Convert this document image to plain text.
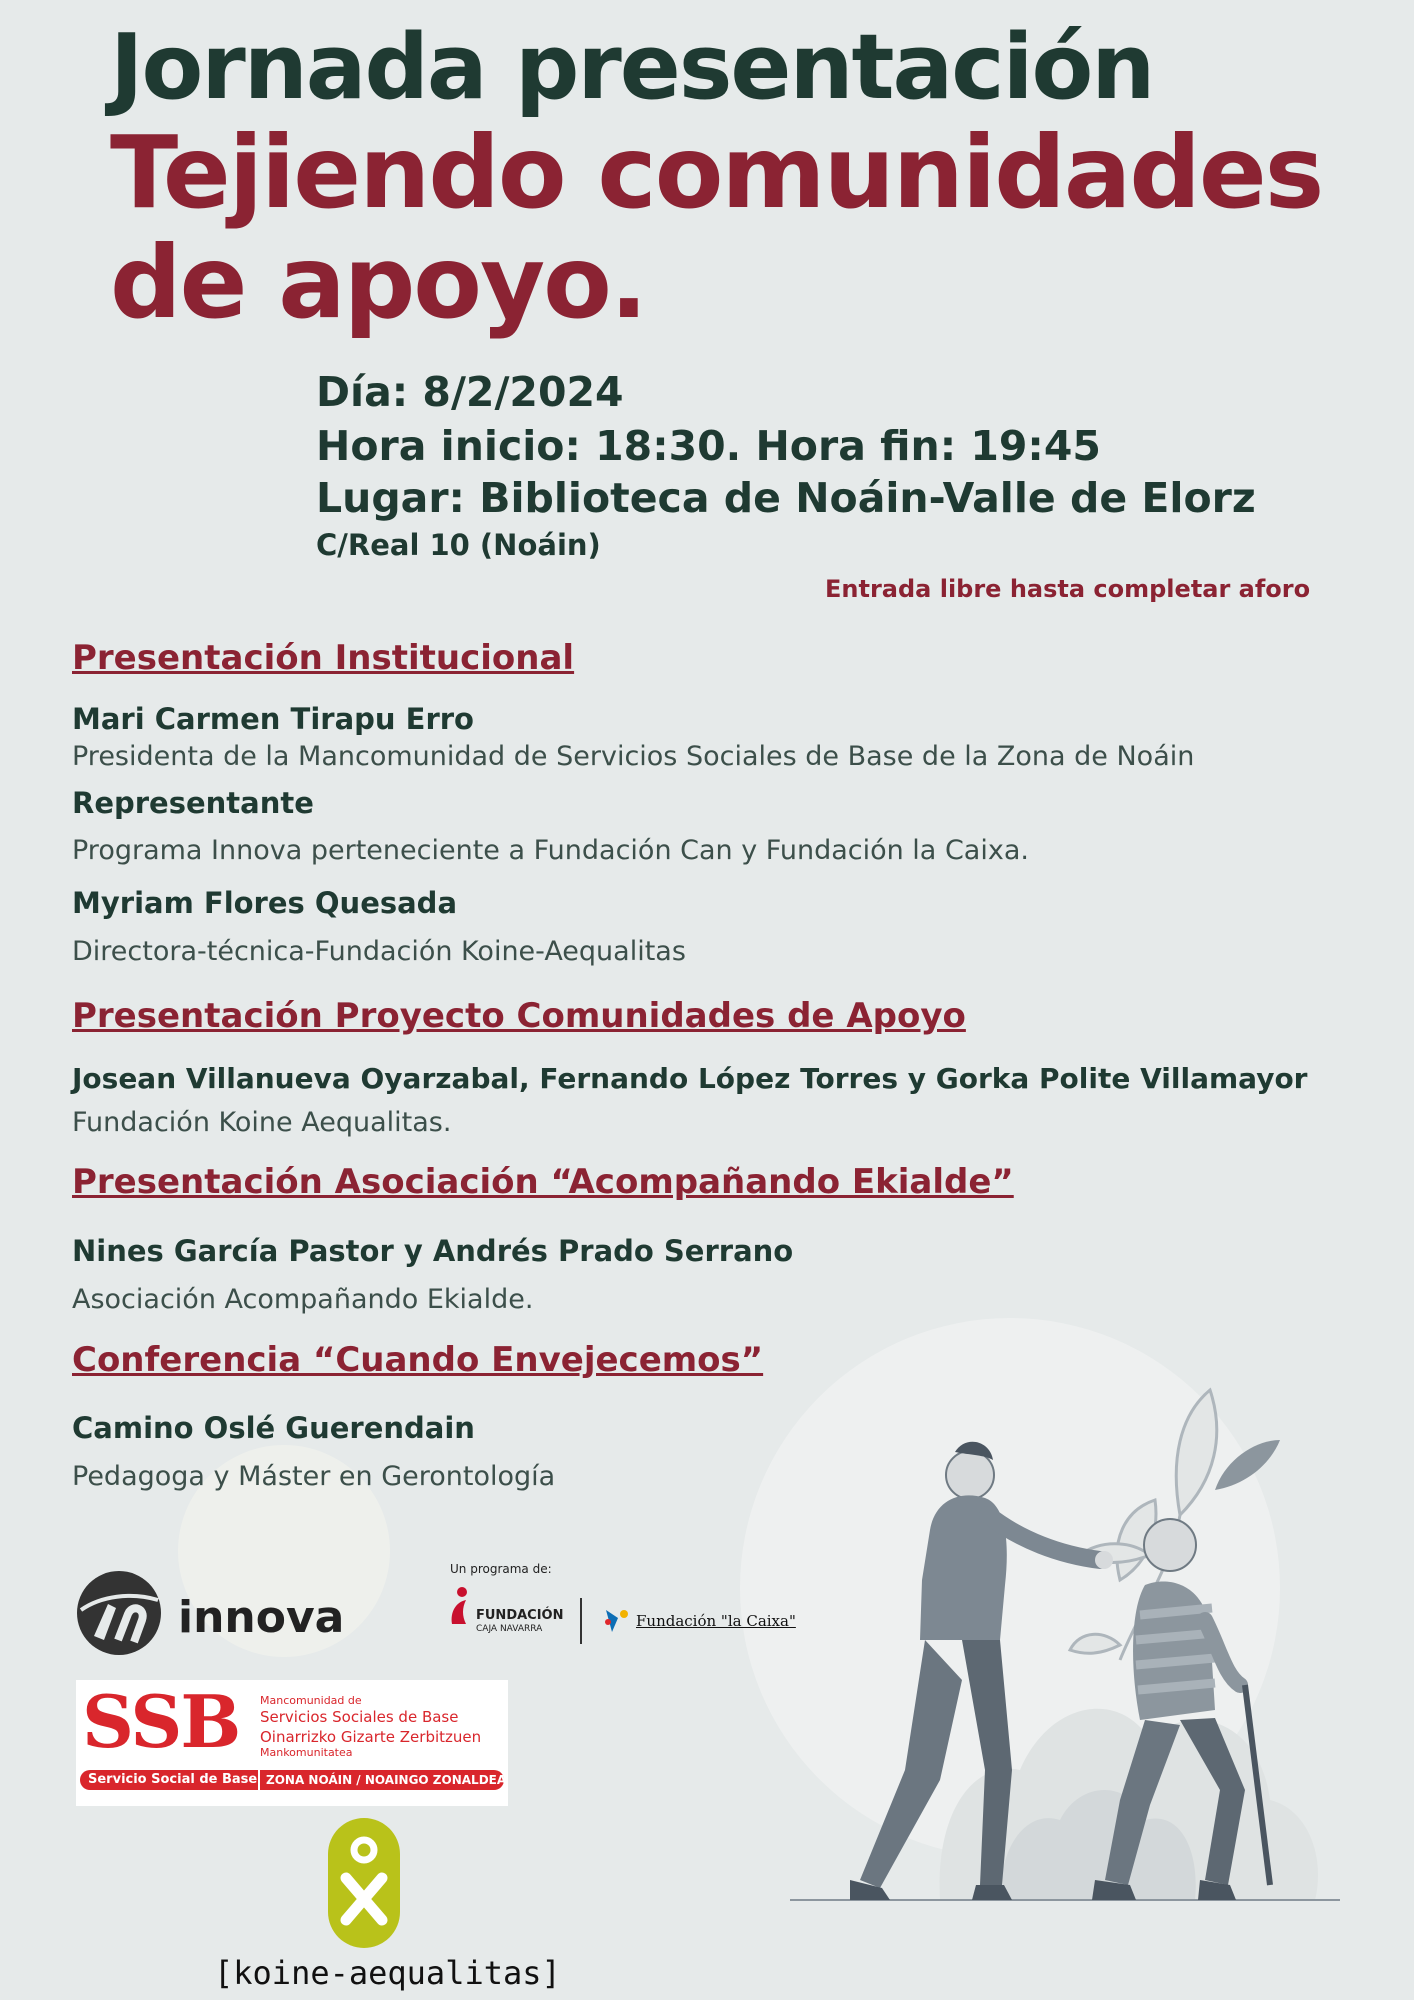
Jornada presentación
Tejiendo comunidades de apoyo.
Día: 8/2/2024
Hora inicio: 18:30. Hora fin: 19:45
Lugar: Biblioteca de Noáin-Valle de Elorz
C/Real 10 (Noáin)
Entrada libre hasta completar aforo
Presentación Institucional
Mari Carmen Tirapu Erro
Presidenta de la Mancomunidad de Servicios Sociales de Base de la Zona de Noáin
Representante
Programa Innova perteneciente a Fundación Can y Fundación la Caixa.
Myriam Flores Quesada
Directora-técnica-Fundación Koine-Aequalitas
Presentación Proyecto Comunidades de Apoyo
Josean Villanueva Oyarzabal, Fernando López Torres y Gorka Polite Villamayor
Fundación Koine Aequalitas.
Presentación Asociación “Acompañando Ekialde”
Nines García Pastor y Andrés Prado Serrano
Asociación Acompañando Ekialde.
Conferencia “Cuando Envejecemos”
Camino Oslé Guerendain
Pedagoga y Máster en Gerontología
innova
Un programa de:
FUNDACIÓN
CAJA NAVARRA	Fundación "la Caixa"
SSB Mancomunidad de
Servicios Sociales de Base
Oinarrizko Gizarte Zerbitzuen
Mankomunitatea
Servicio Social de Base ZONA NOÁIN / NOAINGO ZONALDEA
[koine-aequalitas]
